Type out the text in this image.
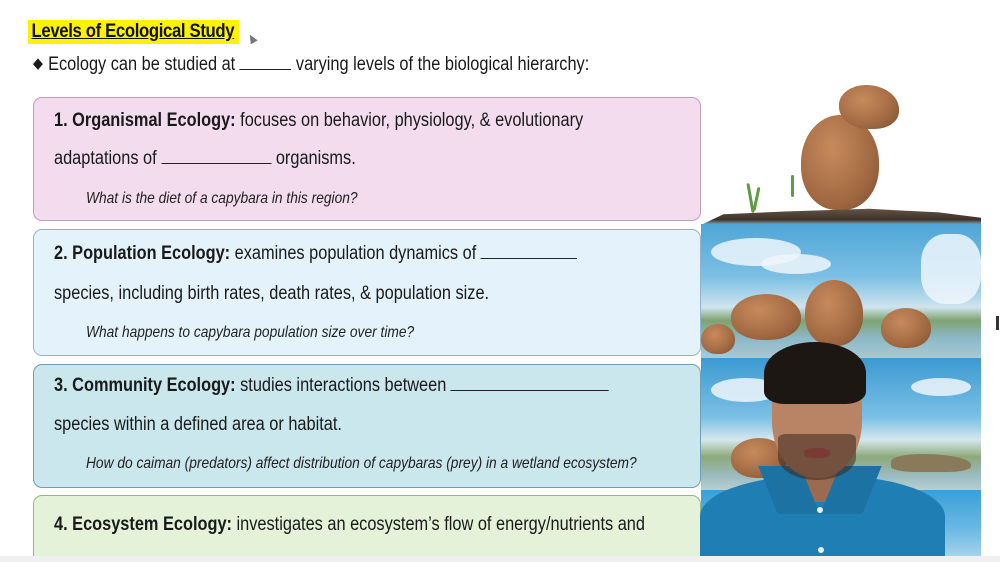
Levels of Ecological Study
◆ Ecology can be studied at	varying levels of the biological hierarchy:
1. Organismal Ecology: focuses on behavior, physiology, & evolutionary
adaptations of	organisms.
What is the diet of a capybara in this region?
2. Population Ecology: examines population dynamics of
species, including birth rates, death rates, & population size.
What happens to capybara population size over time?
3. Community Ecology: studies interactions between
species within a defined area or habitat.
How do caiman (predators) affect distribution of capybaras (prey) in a wetland ecosystem?
4. Ecosystem Ecology: investigates an ecosystem’s flow of energy/nutrients and
